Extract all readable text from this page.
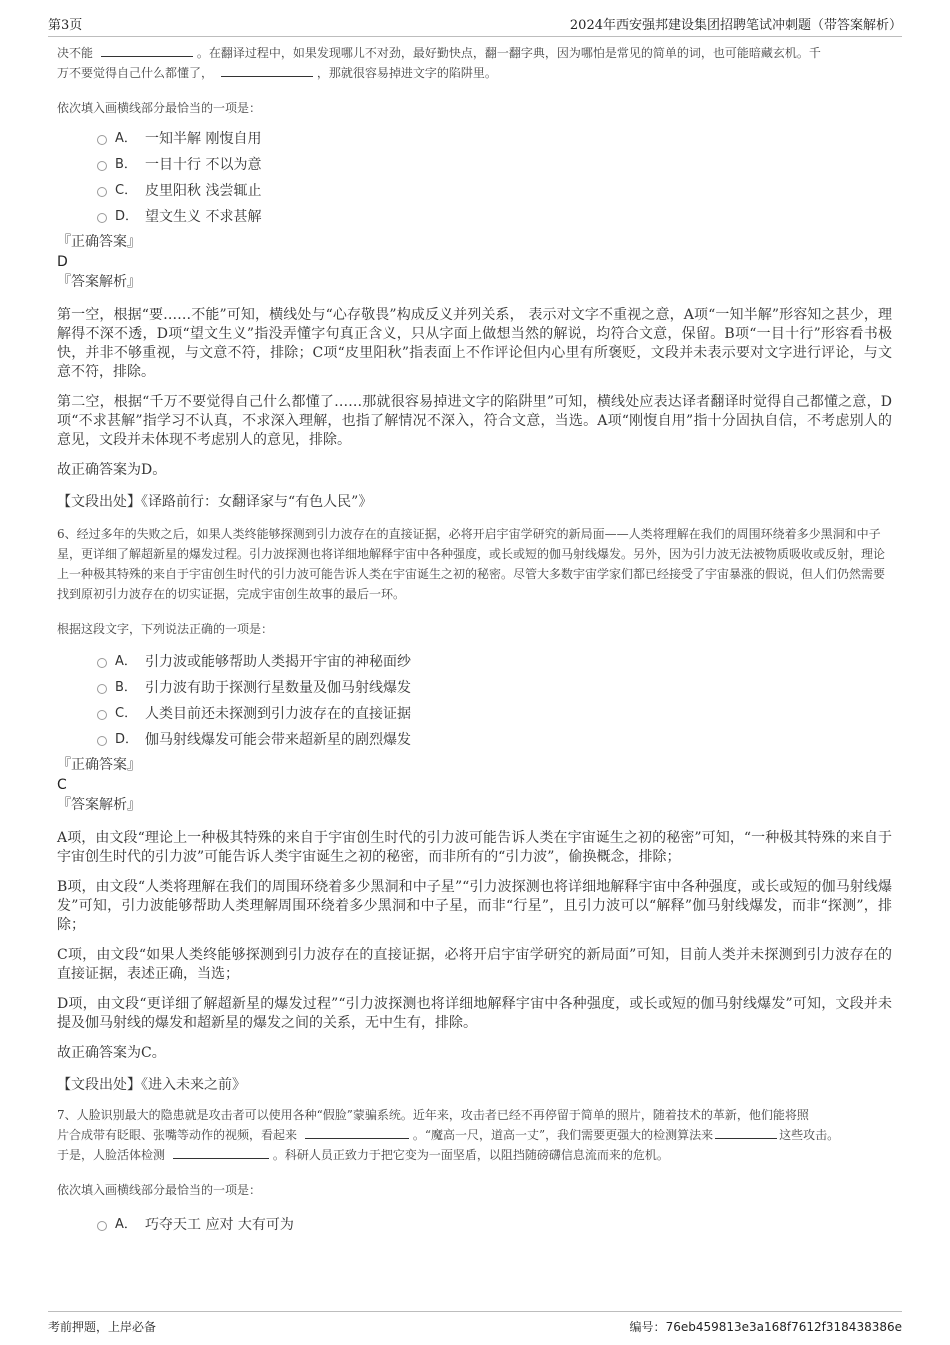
第3页	2024年西安强邦建设集团招聘笔试冲刺题（带答案解析）

决不能	。在翻译过程中，如果发现哪儿不对劲，最好勤快点，翻一翻字典，因为哪怕是常见的简单的词，也可能暗藏玄机。千
万不要觉得自己什么都懂了，	，那就很容易掉进文字的陷阱里。

依次填入画横线部分最恰当的一项是：

A． 一知半解 刚愎自用
B． 一目十行 不以为意
C． 皮里阳秋 浅尝辄止
D． 望文生义 不求甚解

『正确答案』

D

『答案解析』

第一空，根据“要……不能”可知，横线处与“心存敬畏”构成反义并列关系， 表示对文字不重视之意，A项“一知半解”形容知之甚少，理解得不深不透，D项“望文生义”指没弄懂字句真正含义，只从字面上做想当然的解说，均符合文意，保留。B项“一目十行”形容看书极快，并非不够重视，与文意不符，排除；C项“皮里阳秋”指表面上不作评论但内心里有所褒贬，文段并未表示要对文字进行评论，与文意不符，排除。

第二空，根据“千万不要觉得自己什么都懂了……那就很容易掉进文字的陷阱里”可知，横线处应表达译者翻译时觉得自己都懂之意，D项“不求甚解”指学习不认真，不求深入理解，也指了解情况不深入，符合文意，当选。A项“刚愎自用”指十分固执自信，不考虑别人的意见，文段并未体现不考虑别人的意见，排除。

故正确答案为D。

【文段出处】《译路前行：女翻译家与“有色人民”》

6、经过多年的失败之后，如果人类终能够探测到引力波存在的直接证据，必将开启宇宙学研究的新局面——人类将理解在我们的周围环绕着多少黑洞和中子星，更详细了解超新星的爆发过程。引力波探测也将详细地解释宇宙中各种强度，或长或短的伽马射线爆发。另外，因为引力波无法被物质吸收或反射，理论上一种极其特殊的来自于宇宙创生时代的引力波可能告诉人类在宇宙诞生之初的秘密。尽管大多数宇宙学家们都已经接受了宇宙暴涨的假说，但人们仍然需要找到原初引力波存在的切实证据，完成宇宙创生故事的最后一环。

根据这段文字，下列说法正确的一项是：

A． 引力波或能够帮助人类揭开宇宙的神秘面纱
B． 引力波有助于探测行星数量及伽马射线爆发
C． 人类目前还未探测到引力波存在的直接证据
D． 伽马射线爆发可能会带来超新星的剧烈爆发

『正确答案』

C

『答案解析』

A项，由文段“理论上一种极其特殊的来自于宇宙创生时代的引力波可能告诉人类在宇宙诞生之初的秘密”可知，“一种极其特殊的来自于宇宙创生时代的引力波”可能告诉人类宇宙诞生之初的秘密，而非所有的“引力波”，偷换概念，排除；

B项，由文段“人类将理解在我们的周围环绕着多少黑洞和中子星”“引力波探测也将详细地解释宇宙中各种强度，或长或短的伽马射线爆发”可知，引力波能够帮助人类理解周围环绕着多少黑洞和中子星，而非“行星”，且引力波可以“解释”伽马射线爆发，而非“探测”，排除；

C项，由文段“如果人类终能够探测到引力波存在的直接证据，必将开启宇宙学研究的新局面”可知，目前人类并未探测到引力波存在的直接证据，表述正确，当选；

D项，由文段“更详细了解超新星的爆发过程”“引力波探测也将详细地解释宇宙中各种强度，或长或短的伽马射线爆发”可知，文段并未提及伽马射线的爆发和超新星的爆发之间的关系，无中生有，排除。

故正确答案为C。

【文段出处】《进入未来之前》

7、人脸识别最大的隐患就是攻击者可以使用各种“假脸”蒙骗系统。近年来，攻击者已经不再停留于简单的照片，随着技术的革新，他们能将照
片合成带有眨眼、张嘴等动作的视频，看起来	。“魔高一尺，道高一丈”，我们需要更强大的检测算法来	这些攻击。
于是，人脸活体检测	。科研人员正致力于把它变为一面坚盾，以阻挡随磅礴信息流而来的危机。

依次填入画横线部分最恰当的一项是：

A． 巧夺天工 应对 大有可为
考前押题，上岸必备	编号：76eb459813e3a168f7612f318438386e
